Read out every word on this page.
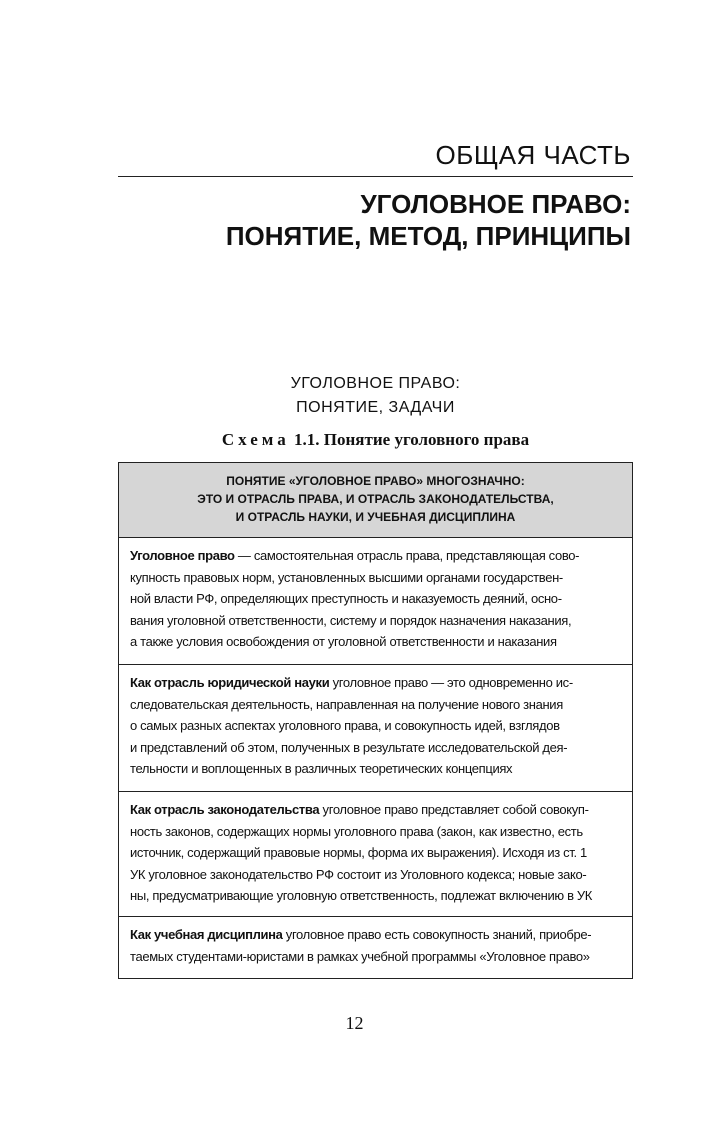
ОБЩАЯ ЧАСТЬ
УГОЛОВНОЕ ПРАВО:
ПОНЯТИЕ, МЕТОД, ПРИНЦИПЫ
УГОЛОВНОЕ ПРАВО:
ПОНЯТИЕ, ЗАДАЧИ
Схема 1.1. Понятие уголовного права
ПОНЯТИЕ «УГОЛОВНОЕ ПРАВО» МНОГОЗНАЧНО:
ЭТО И ОТРАСЛЬ ПРАВА, И ОТРАСЛЬ ЗАКОНОДАТЕЛЬСТВА,
И ОТРАСЛЬ НАУКИ, И УЧЕБНАЯ ДИСЦИПЛИНА
Уголовное право — самостоятельная отрасль права, представляющая сово-
купность правовых норм, установленных высшими органами государствен-
ной власти РФ, определяющих преступность и наказуемость деяний, осно-
вания уголовной ответственности, систему и порядок назначения наказания,
а также условия освобождения от уголовной ответственности и наказания
Как отрасль юридической науки уголовное право — это одновременно ис-
следовательская деятельность, направленная на получение нового знания
о самых разных аспектах уголовного права, и совокупность идей, взглядов
и представлений об этом, полученных в результате исследовательской дея-
тельности и воплощенных в различных теоретических концепциях
Как отрасль законодательства уголовное право представляет собой совокуп-
ность законов, содержащих нормы уголовного права (закон, как известно, есть
источник, содержащий правовые нормы, форма их выражения). Исходя из ст. 1
УК уголовное законодательство РФ состоит из Уголовного кодекса; новые зако-
ны, предусматривающие уголовную ответственность, подлежат включению в УК
Как учебная дисциплина уголовное право есть совокупность знаний, приобре-
таемых студентами-юристами в рамках учебной программы «Уголовное право»
12
